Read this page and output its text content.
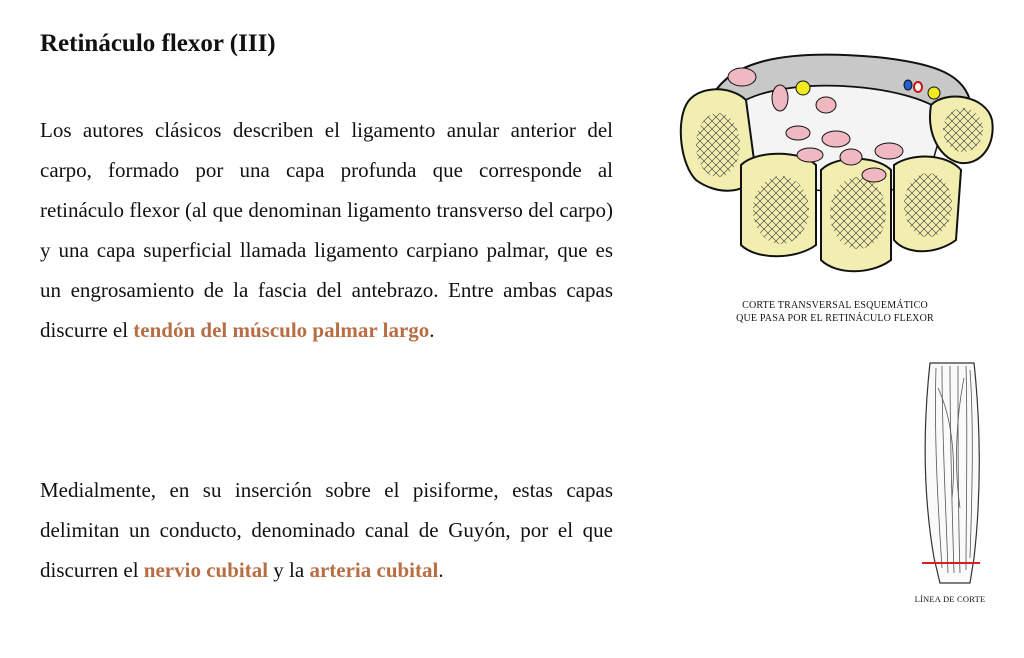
Retináculo flexor (III)

Los autores clásicos describen el ligamento anular anterior del carpo, formado por una capa profunda que corresponde al retináculo flexor (al que denominan ligamento transverso del carpo) y una capa superficial llamada ligamento carpiano palmar, que es un engrosamiento de la fascia del antebrazo. Entre ambas capas discurre el tendón del músculo palmar largo.

Medialmente, en su inserción sobre el pisiforme, estas capas delimitan un conducto, denominado canal de Guyón, por el que discurren el nervio cubital y la arteria cubital.

CORTE TRANSVERSAL ESQUEMÁTICO
QUE PASA POR EL RETINÁCULO FLEXOR
LÍNEA DE CORTE
